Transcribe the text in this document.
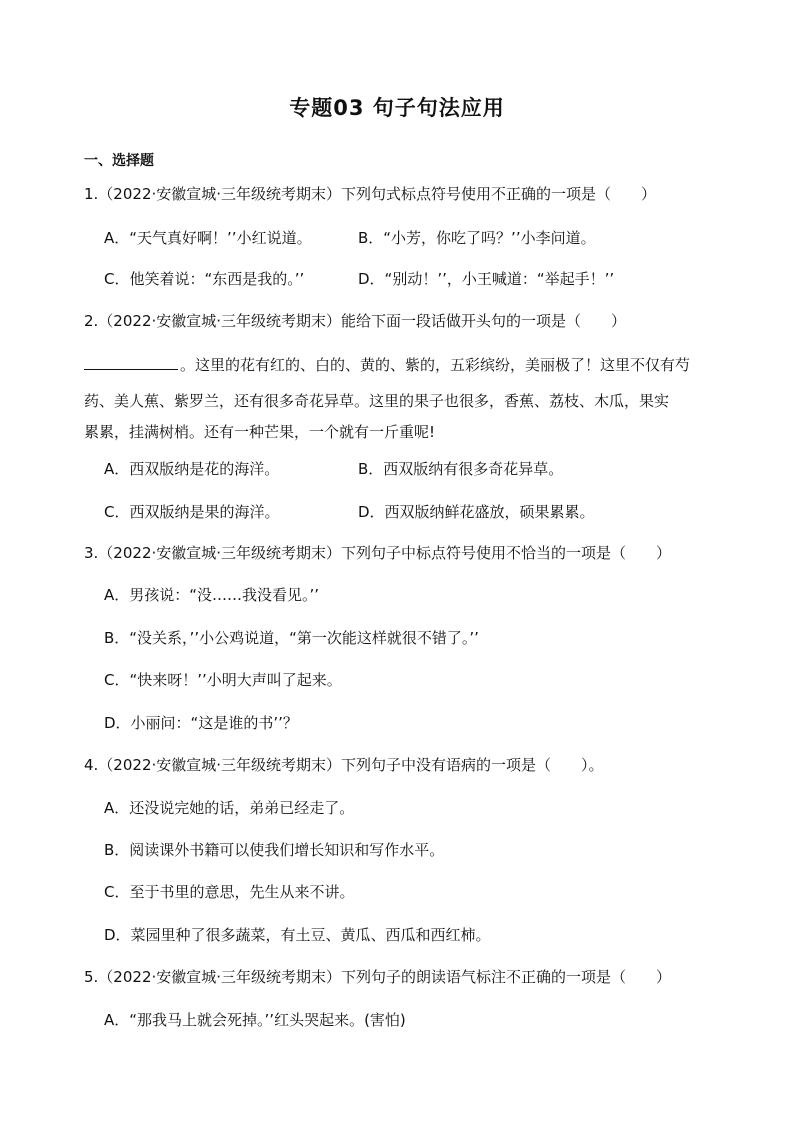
专题03 句子句法应用
一、选择题
1.（2022·安徽宣城·三年级统考期末）下列句式标点符号使用不正确的一项是（　　）
A．“天气真好啊！’’小红说道。	B．“小芳，你吃了吗？’’小李问道。
C．他笑着说：“东西是我的。’’	D．“别动！’’，小王喊道：“举起手！’’
2.（2022·安徽宣城·三年级统考期末）能给下面一段话做开头句的一项是（　　）
。这里的花有红的、白的、黄的、紫的，五彩缤纷，美丽极了！这里不仅有芍
药、美人蕉、紫罗兰，还有很多奇花异草。这里的果子也很多，香蕉、荔枝、木瓜，果实
累累，挂满树梢。还有一种芒果，一个就有一斤重呢!
A．西双版纳是花的海洋。	B．西双版纳有很多奇花异草。
C．西双版纳是果的海洋。	D．西双版纳鲜花盛放，硕果累累。
3.（2022·安徽宣城·三年级统考期末）下列句子中标点符号使用不恰当的一项是（　　）
A．男孩说：“没……我没看见。’’
B．“没关系，’’小公鸡说道，“第一次能这样就很不错了。’’
C．“快来呀！’’小明大声叫了起来。
D．小丽问：“这是谁的书’’？
4.（2022·安徽宣城·三年级统考期末）下列句子中没有语病的一项是（　　）。
A．还没说完她的话，弟弟已经走了。
B．阅读课外书籍可以使我们增长知识和写作水平。
C．至于书里的意思，先生从来不讲。
D．菜园里种了很多蔬菜，有土豆、黄瓜、西瓜和西红柿。
5.（2022·安徽宣城·三年级统考期末）下列句子的朗读语气标注不正确的一项是（　　）
A．“那我马上就会死掉。’’红头哭起来。(害怕)
